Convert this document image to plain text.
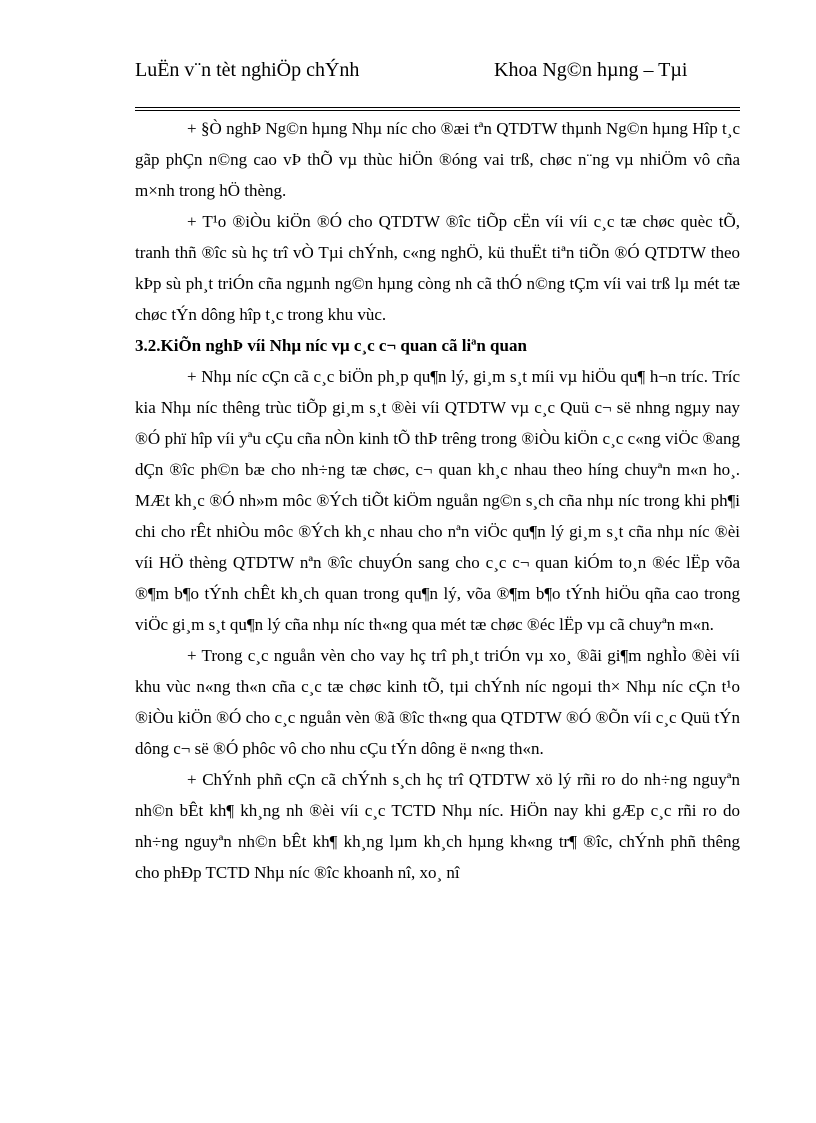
LuËn v¨n tèt nghiÖp chÝnh	Khoa Ng©n hµng – Tµi

+ §Ò nghÞ Ng©n hµng Nhµ níc cho ®æi tªn QTDTW thµnh Ng©n hµng Hîp t¸c gãp phÇn n©ng cao vÞ thÕ vµ thùc hiÖn ®óng vai trß, chøc n¨ng vµ nhiÖm vô cña m×nh trong hÖ thèng.

+ T¹o ®iÒu kiÖn ®Ó cho QTDTW ®îc tiÕp cËn víi víi c¸c tæ chøc quèc tÕ, tranh thñ ®îc sù hç trî vÒ Tµi chÝnh, c«ng nghÖ, kü thuËt tiªn tiÕn ®Ó QTDTW theo kÞp sù ph¸t triÓn cña ngµnh ng©n hµng còng nh cã thÓ n©ng tÇm víi vai trß lµ mét tæ chøc tÝn dông hîp t¸c trong khu vùc.

3.2.KiÕn nghÞ víi Nhµ níc vµ c¸c c¬ quan cã liªn quan

+ Nhµ níc cÇn cã c¸c biÖn ph¸p qu¶n lý, gi¸m s¸t míi vµ hiÖu qu¶ h¬n tríc. Tríc kia Nhµ níc thêng trùc tiÕp gi¸m s¸t ®èi víi QTDTW vµ c¸c Quü c¬ së nhng ngµy nay ®Ó phï hîp víi yªu cÇu cña nÒn kinh tÕ thÞ trêng trong ®iÒu kiÖn c¸c c«ng viÖc ®ang dÇn ®îc ph©n bæ cho nh÷ng tæ chøc, c¬ quan kh¸c nhau theo híng chuyªn m«n ho¸. MÆt kh¸c ®Ó nh»m môc ®Ých tiÕt kiÖm nguån ng©n s¸ch cña nhµ níc trong khi ph¶i chi cho rÊt nhiÒu môc ®Ých kh¸c nhau cho nªn viÖc qu¶n lý gi¸m s¸t cña nhµ níc ®èi víi HÖ thèng QTDTW nªn ®îc chuyÓn sang cho c¸c c¬ quan kiÓm to¸n ®éc lËp võa ®¶m b¶o tÝnh chÊt kh¸ch quan trong qu¶n lý, võa ®¶m b¶o tÝnh hiÖu qña cao trong viÖc gi¸m s¸t qu¶n lý cña nhµ níc th«ng qua mét tæ chøc ®éc lËp vµ cã chuyªn m«n.

+ Trong c¸c nguån vèn cho vay hç trî ph¸t triÓn vµ xo¸ ®ãi gi¶m nghÌo ®èi víi khu vùc n«ng th«n cña c¸c tæ chøc kinh tÕ, tµi chÝnh níc ngoµi th× Nhµ níc cÇn t¹o ®iÒu kiÖn ®Ó cho c¸c nguån vèn ®ã ®îc th«ng qua QTDTW ®Ó ®Õn víi c¸c Quü tÝn dông c¬ së ®Ó phôc vô cho nhu cÇu tÝn dông ë n«ng th«n.

+ ChÝnh phñ cÇn cã chÝnh s¸ch hç trî QTDTW xö lý rñi ro do nh÷ng nguyªn nh©n bÊt kh¶ kh¸ng nh ®èi víi c¸c TCTD Nhµ níc. HiÖn nay khi gÆp c¸c rñi ro do nh÷ng nguyªn nh©n bÊt kh¶ kh¸ng lµm kh¸ch hµng kh«ng tr¶ ®îc, chÝnh phñ thêng cho phÐp TCTD Nhµ níc ®îc khoanh nî, xo¸ nî
